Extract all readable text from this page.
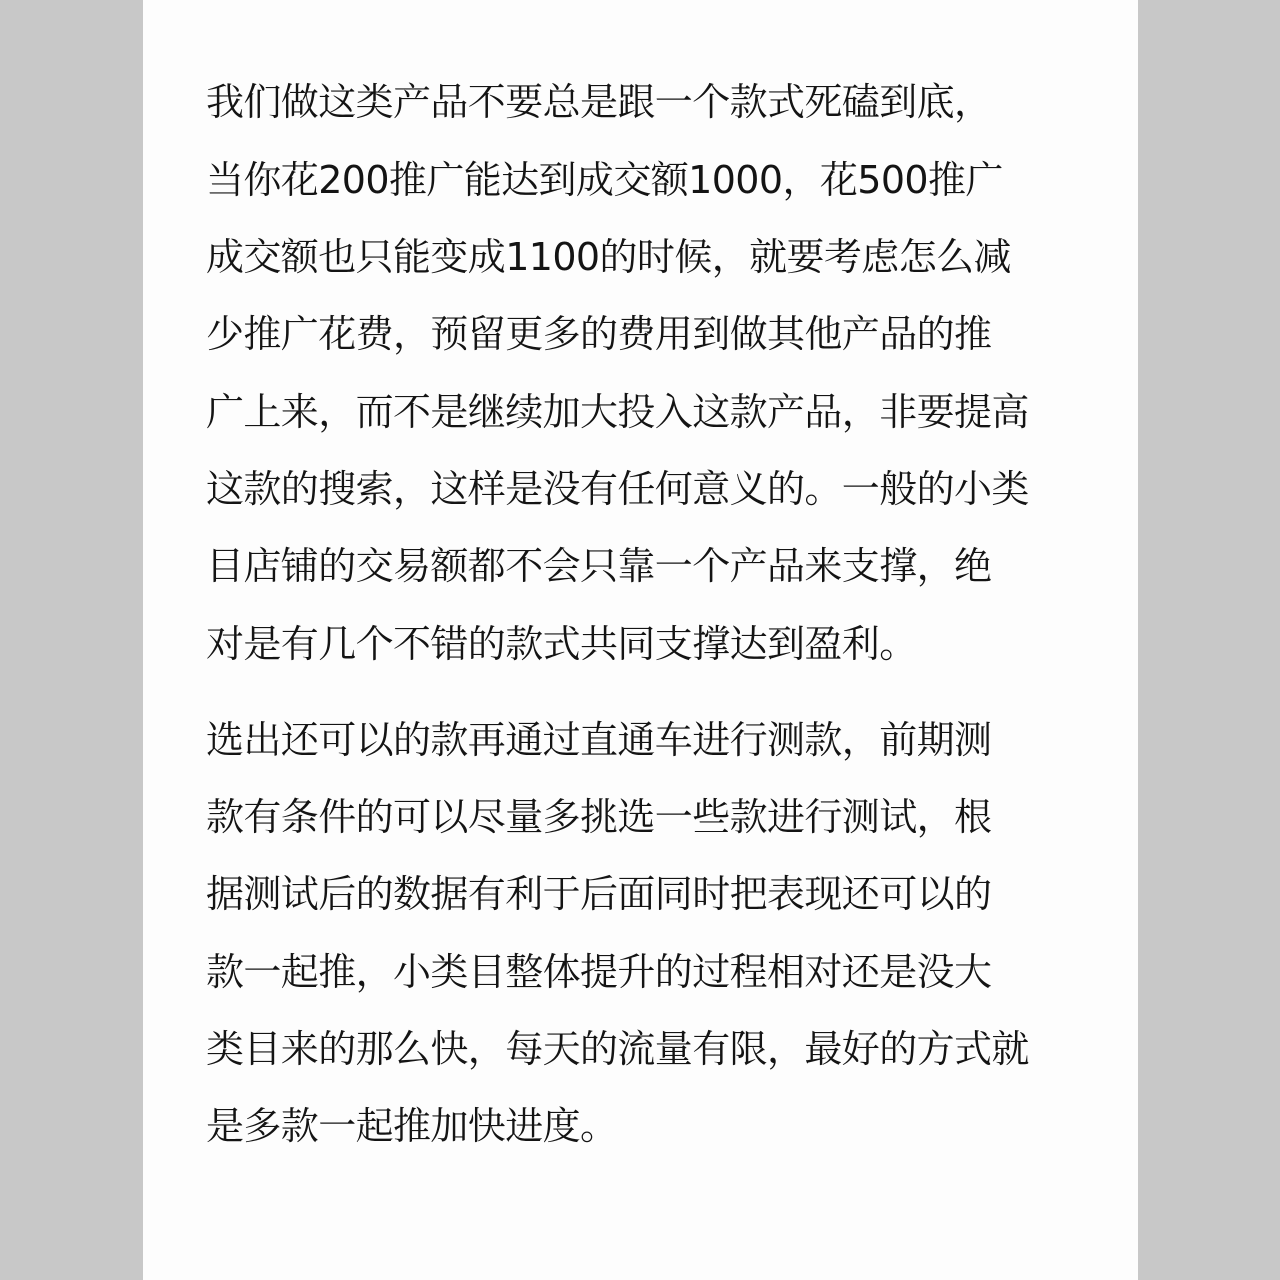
我们做这类产品不要总是跟一个款式死磕到底，

当你花200推广能达到成交额1000，花500推广

成交额也只能变成1100的时候，就要考虑怎么减

少推广花费，预留更多的费用到做其他产品的推

广上来，而不是继续加大投入这款产品，非要提高

这款的搜索，这样是没有任何意义的。一般的小类

目店铺的交易额都不会只靠一个产品来支撑，绝

对是有几个不错的款式共同支撑达到盈利。

选出还可以的款再通过直通车进行测款，前期测

款有条件的可以尽量多挑选一些款进行测试，根

据测试后的数据有利于后面同时把表现还可以的

款一起推，小类目整体提升的过程相对还是没大

类目来的那么快，每天的流量有限，最好的方式就

是多款一起推加快进度。
